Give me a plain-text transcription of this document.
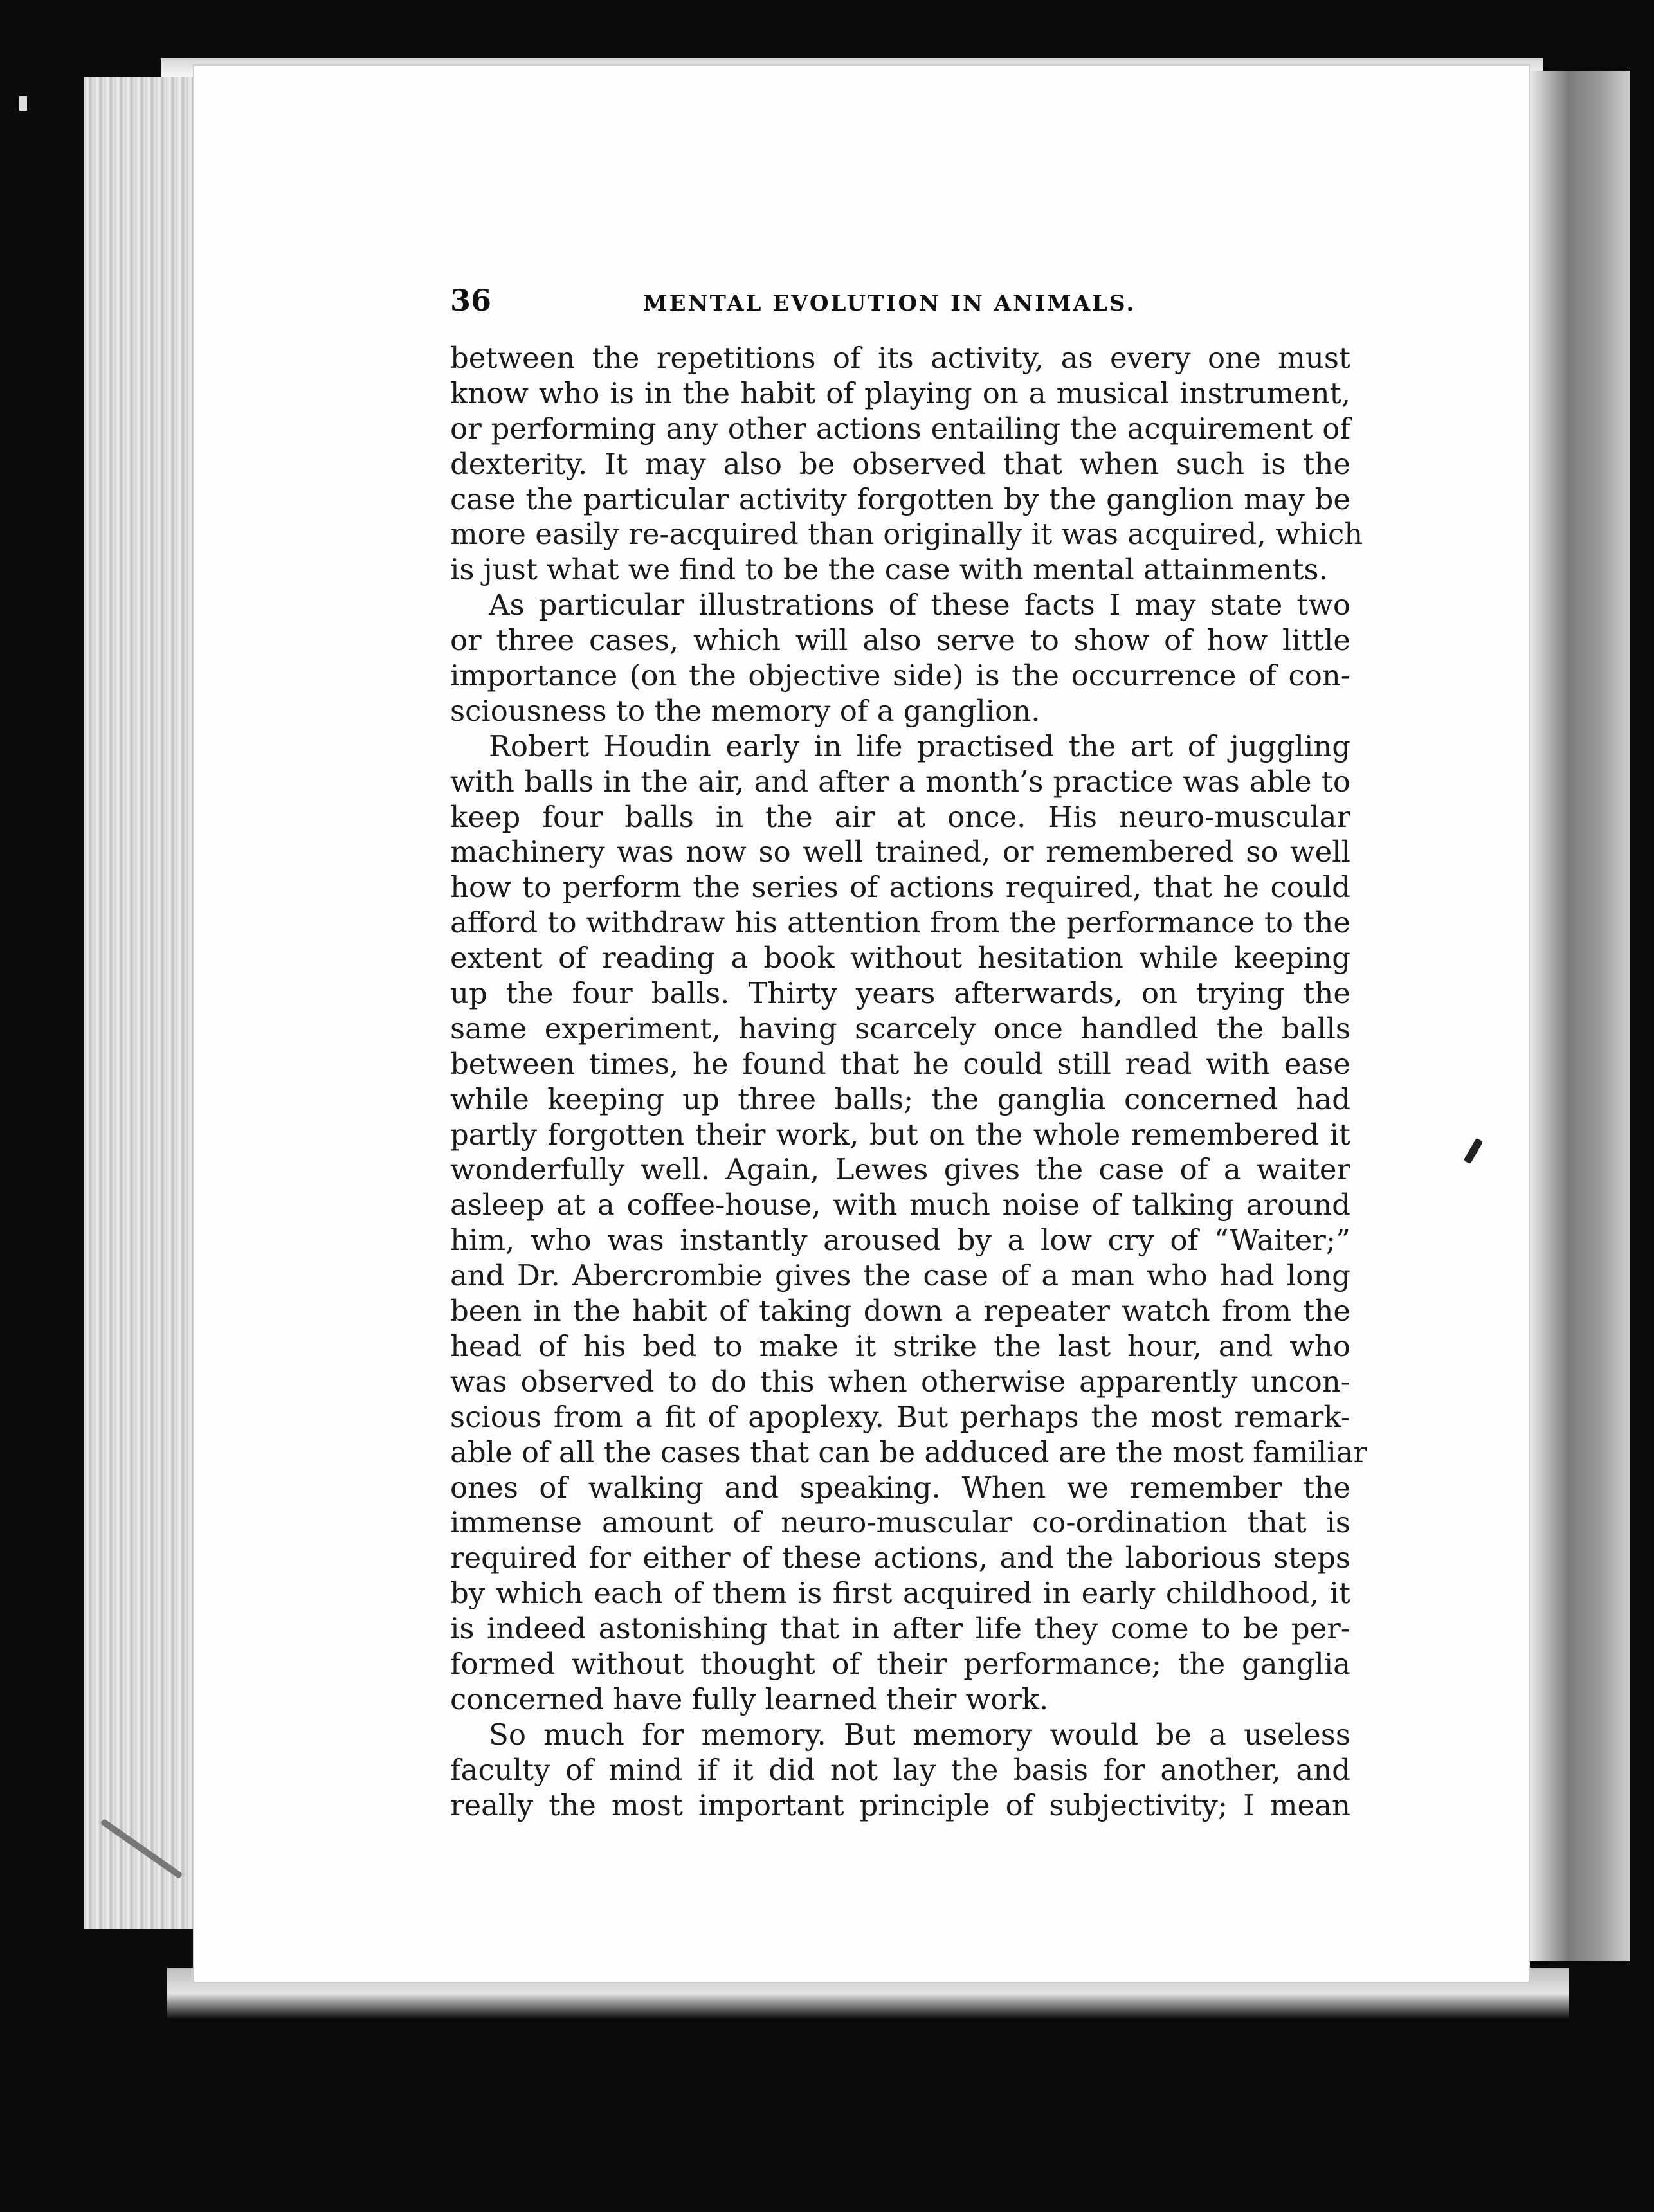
36	MENTAL EVOLUTION IN ANIMALS.
between the repetitions of its activity, as every one must
know who is in the habit of playing on a musical instrument,
or performing any other actions entailing the acquirement of
dexterity. It may also be observed that when such is the
case the particular activity forgotten by the ganglion may be
more easily re-acquired than originally it was acquired, which
is just what we find to be the case with mental attainments.
As particular illustrations of these facts I may state two
or three cases, which will also serve to show of how little
importance (on the objective side) is the occurrence of con-
sciousness to the memory of a ganglion.
Robert Houdin early in life practised the art of juggling
with balls in the air, and after a month’s practice was able to
keep four balls in the air at once. His neuro-muscular
machinery was now so well trained, or remembered so well
how to perform the series of actions required, that he could
afford to withdraw his attention from the performance to the
extent of reading a book without hesitation while keeping
up the four balls. Thirty years afterwards, on trying the
same experiment, having scarcely once handled the balls
between times, he found that he could still read with ease
while keeping up three balls; the ganglia concerned had
partly forgotten their work, but on the whole remembered it
wonderfully well. Again, Lewes gives the case of a waiter
asleep at a coffee-house, with much noise of talking around
him, who was instantly aroused by a low cry of “Waiter;”
and Dr. Abercrombie gives the case of a man who had long
been in the habit of taking down a repeater watch from the
head of his bed to make it strike the last hour, and who
was observed to do this when otherwise apparently uncon-
scious from a fit of apoplexy. But perhaps the most remark-
able of all the cases that can be adduced are the most familiar
ones of walking and speaking. When we remember the
immense amount of neuro-muscular co-ordination that is
required for either of these actions, and the laborious steps
by which each of them is first acquired in early childhood, it
is indeed astonishing that in after life they come to be per-
formed without thought of their performance; the ganglia
concerned have fully learned their work.
So much for memory. But memory would be a useless
faculty of mind if it did not lay the basis for another, and
really the most important principle of subjectivity; I mean
